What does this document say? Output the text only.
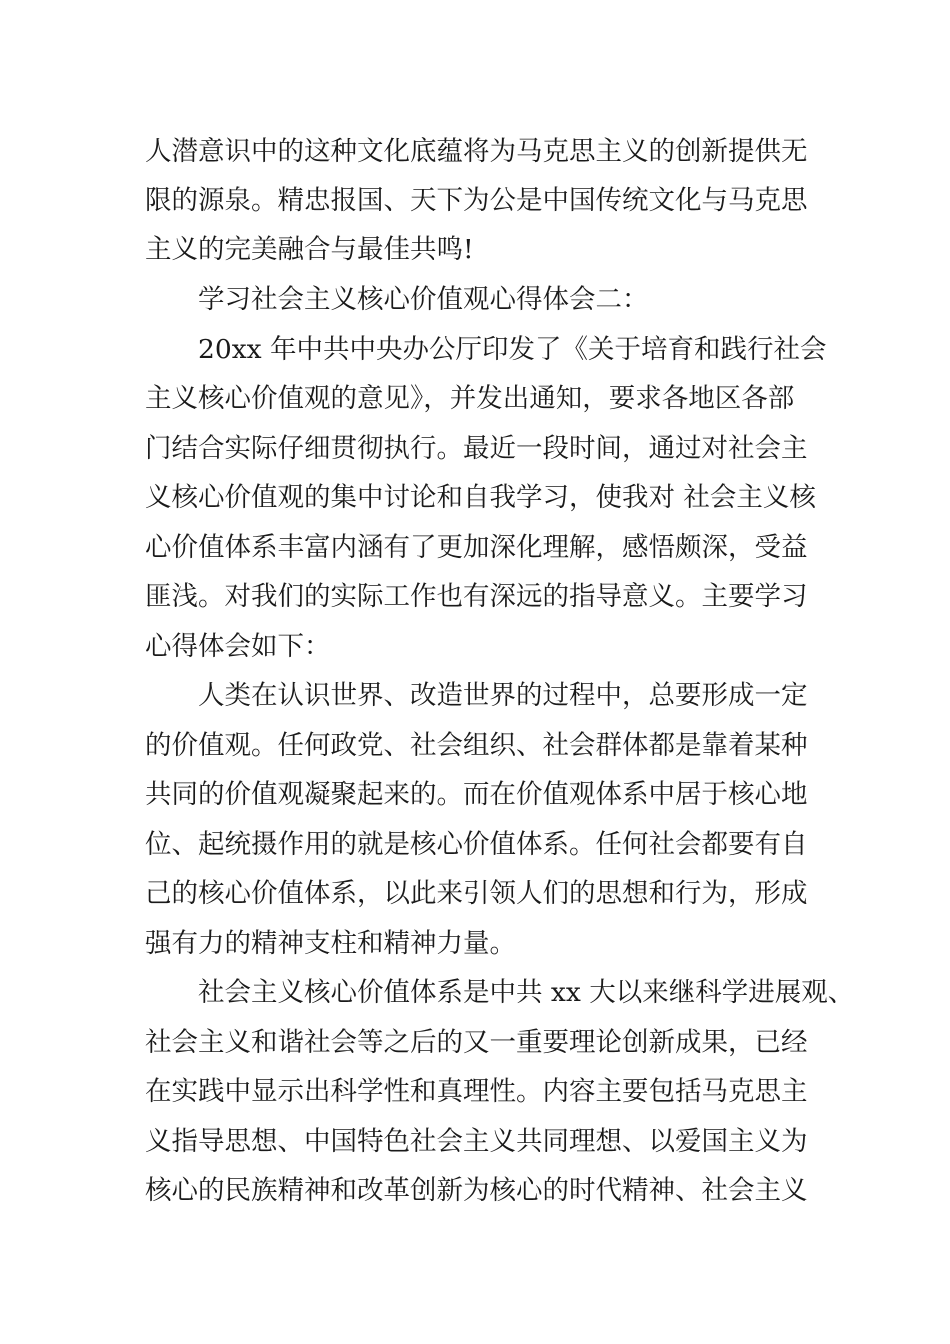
人潜意识中的这种文化底蕴将为马克思主义的创新提供无
限的源泉。精忠报国、天下为公是中国传统文化与马克思
主义的完美融合与最佳共鸣!
学习社会主义核心价值观心得体会二：
20xx 年中共中央办公厅印发了《关于培育和践行社会
主义核心价值观的意见》，并发出通知，要求各地区各部
门结合实际仔细贯彻执行。最近一段时间，通过对社会主
义核心价值观的集中讨论和自我学习，使我对 社会主义核
心价值体系丰富内涵有了更加深化理解，感悟颇深，受益
匪浅。对我们的实际工作也有深远的指导意义。主要学习
心得体会如下：
人类在认识世界、改造世界的过程中，总要形成一定
的价值观。任何政党、社会组织、社会群体都是靠着某种
共同的价值观凝聚起来的。而在价值观体系中居于核心地
位、起统摄作用的就是核心价值体系。任何社会都要有自
己的核心价值体系，以此来引领人们的思想和行为，形成
强有力的精神支柱和精神力量。
社会主义核心价值体系是中共 xx 大以来继科学进展观、
社会主义和谐社会等之后的又一重要理论创新成果，已经
在实践中显示出科学性和真理性。内容主要包括马克思主
义指导思想、中国特色社会主义共同理想、以爱国主义为
核心的民族精神和改革创新为核心的时代精神、社会主义
